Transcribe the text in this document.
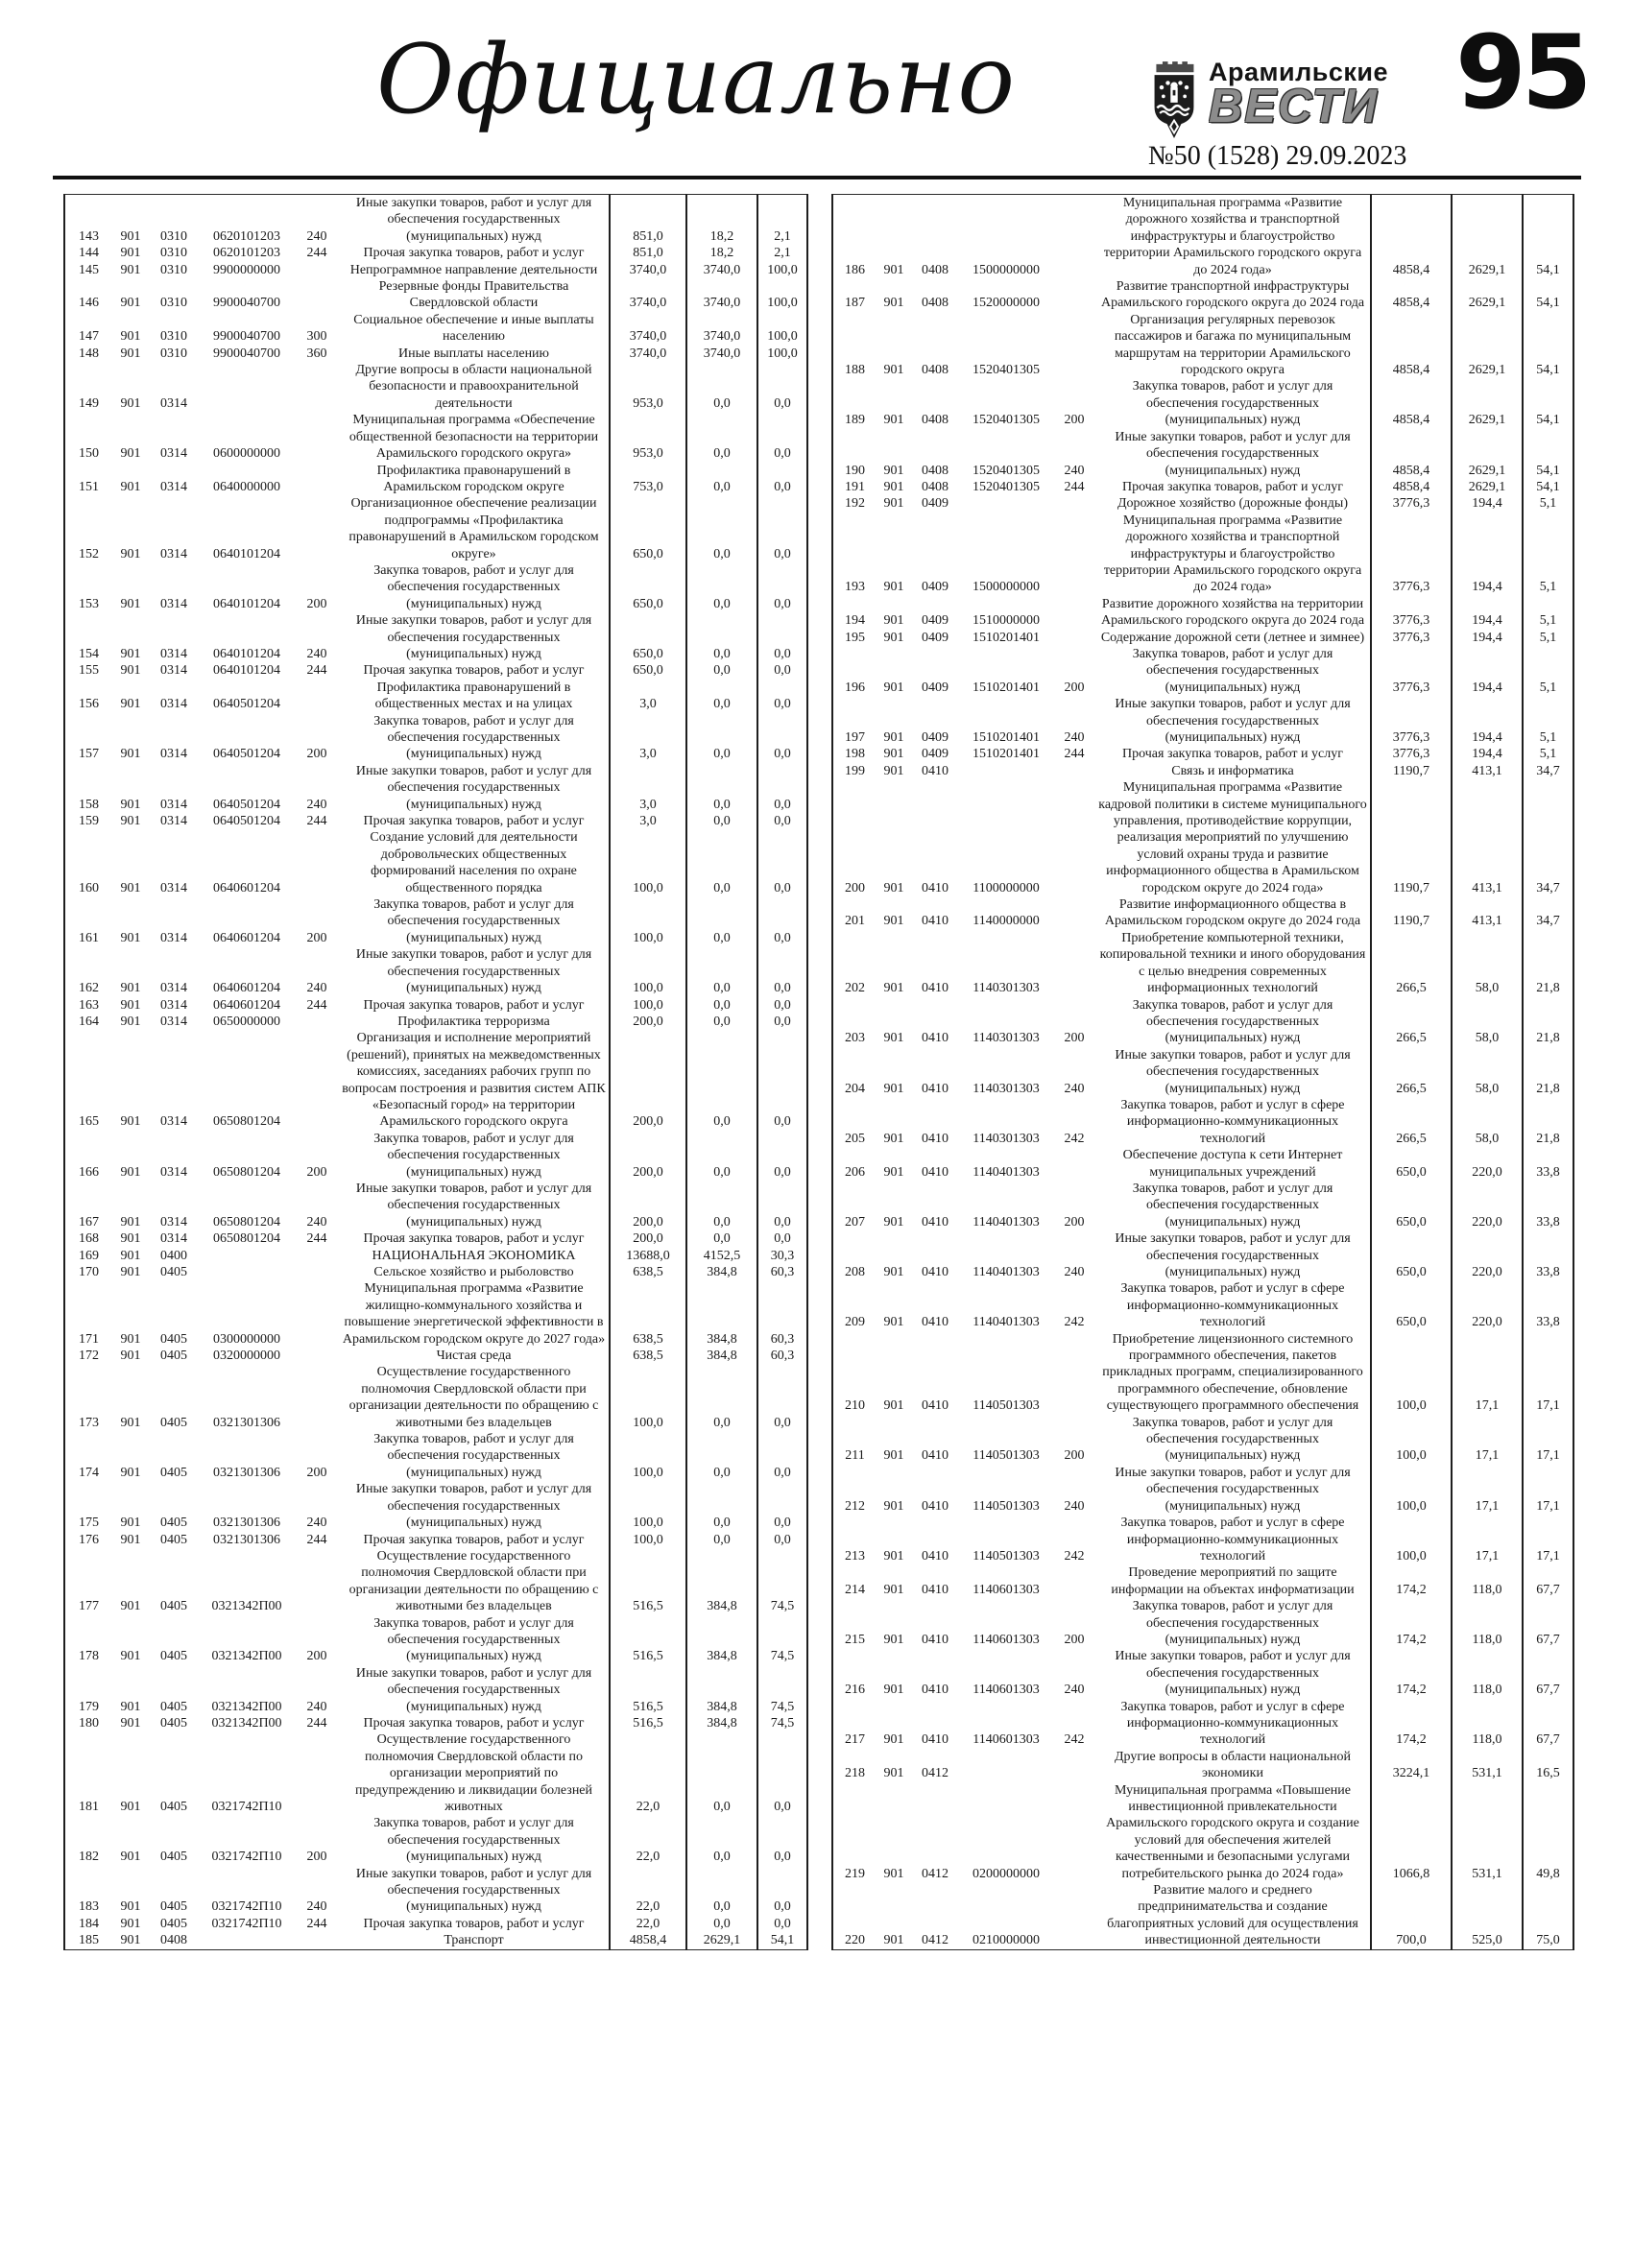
Официально	Арамильские
ВЕСТИ
№50 (1528) 29.09.2023
95
143	901	0310	0620101203	240	Иные закупки товаров, работ и услуг для обеспечения государственных (муниципальных) нужд	851,0	18,2	2,1
144	901	0310	0620101203	244	Прочая закупка товаров, работ и услуг	851,0	18,2	2,1
145	901	0310	9900000000		Непрограммное направление деятельности	3740,0	3740,0	100,0
146	901	0310	9900040700		Резервные фонды Правительства Свердловской области	3740,0	3740,0	100,0
147	901	0310	9900040700	300	Социальное обеспечение и иные выплаты населению	3740,0	3740,0	100,0
148	901	0310	9900040700	360	Иные выплаты населению	3740,0	3740,0	100,0
149	901	0314			Другие вопросы в области национальной безопасности и правоохранительной деятельности	953,0	0,0	0,0
150	901	0314	0600000000		Муниципальная программа «Обеспечение общественной безопасности на территории Арамильского городского округа»	953,0	0,0	0,0
151	901	0314	0640000000		Профилактика правонарушений в Арамильском городском округе	753,0	0,0	0,0
152	901	0314	0640101204		Организационное обеспечение реализации подпрограммы «Профилактика правонарушений в Арамильском городском округе»	650,0	0,0	0,0
153	901	0314	0640101204	200	Закупка товаров, работ и услуг для обеспечения государственных (муниципальных) нужд	650,0	0,0	0,0
154	901	0314	0640101204	240	Иные закупки товаров, работ и услуг для обеспечения государственных (муниципальных) нужд	650,0	0,0	0,0
155	901	0314	0640101204	244	Прочая закупка товаров, работ и услуг	650,0	0,0	0,0
156	901	0314	0640501204		Профилактика правонарушений в общественных местах и на улицах	3,0	0,0	0,0
157	901	0314	0640501204	200	Закупка товаров, работ и услуг для обеспечения государственных (муниципальных) нужд	3,0	0,0	0,0
158	901	0314	0640501204	240	Иные закупки товаров, работ и услуг для обеспечения государственных (муниципальных) нужд	3,0	0,0	0,0
159	901	0314	0640501204	244	Прочая закупка товаров, работ и услуг	3,0	0,0	0,0
160	901	0314	0640601204		Создание условий для деятельности добровольческих общественных формирований населения по охране общественного порядка	100,0	0,0	0,0
161	901	0314	0640601204	200	Закупка товаров, работ и услуг для обеспечения государственных (муниципальных) нужд	100,0	0,0	0,0
162	901	0314	0640601204	240	Иные закупки товаров, работ и услуг для обеспечения государственных (муниципальных) нужд	100,0	0,0	0,0
163	901	0314	0640601204	244	Прочая закупка товаров, работ и услуг	100,0	0,0	0,0
164	901	0314	0650000000		Профилактика терроризма	200,0	0,0	0,0
165	901	0314	0650801204		Организация и исполнение мероприятий (решений), принятых на межведомственных комиссиях, заседаниях рабочих групп по вопросам построения и развития систем АПК «Безопасный город» на территории Арамильского городского округа	200,0	0,0	0,0
166	901	0314	0650801204	200	Закупка товаров, работ и услуг для обеспечения государственных (муниципальных) нужд	200,0	0,0	0,0
167	901	0314	0650801204	240	Иные закупки товаров, работ и услуг для обеспечения государственных (муниципальных) нужд	200,0	0,0	0,0
168	901	0314	0650801204	244	Прочая закупка товаров, работ и услуг	200,0	0,0	0,0
169	901	0400			НАЦИОНАЛЬНАЯ ЭКОНОМИКА	13688,0	4152,5	30,3
170	901	0405			Сельское хозяйство и рыболовство	638,5	384,8	60,3
171	901	0405	0300000000		Муниципальная программа «Развитие жилищно-коммунального хозяйства и повышение энергетической эффективности в Арамильском городском округе до 2027 года»	638,5	384,8	60,3
172	901	0405	0320000000		Чистая среда	638,5	384,8	60,3
173	901	0405	0321301306		Осуществление государственного полномочия Свердловской области при организации деятельности по обращению с животными без владельцев	100,0	0,0	0,0
174	901	0405	0321301306	200	Закупка товаров, работ и услуг для обеспечения государственных (муниципальных) нужд	100,0	0,0	0,0
175	901	0405	0321301306	240	Иные закупки товаров, работ и услуг для обеспечения государственных (муниципальных) нужд	100,0	0,0	0,0
176	901	0405	0321301306	244	Прочая закупка товаров, работ и услуг	100,0	0,0	0,0
177	901	0405	0321342П00		Осуществление государственного полномочия Свердловской области при организации деятельности по обращению с животными без владельцев	516,5	384,8	74,5
178	901	0405	0321342П00	200	Закупка товаров, работ и услуг для обеспечения государственных (муниципальных) нужд	516,5	384,8	74,5
179	901	0405	0321342П00	240	Иные закупки товаров, работ и услуг для обеспечения государственных (муниципальных) нужд	516,5	384,8	74,5
180	901	0405	0321342П00	244	Прочая закупка товаров, работ и услуг	516,5	384,8	74,5
181	901	0405	0321742П10		Осуществление государственного полномочия Свердловской области по организации мероприятий по предупреждению и ликвидации болезней животных	22,0	0,0	0,0
182	901	0405	0321742П10	200	Закупка товаров, работ и услуг для обеспечения государственных (муниципальных) нужд	22,0	0,0	0,0
183	901	0405	0321742П10	240	Иные закупки товаров, работ и услуг для обеспечения государственных (муниципальных) нужд	22,0	0,0	0,0
184	901	0405	0321742П10	244	Прочая закупка товаров, работ и услуг	22,0	0,0	0,0
185	901	0408			Транспорт	4858,4	2629,1	54,1
186	901	0408	1500000000		Муниципальная программа «Развитие дорожного хозяйства и транспортной инфраструктуры и благоустройство территории Арамильского городского округа до 2024 года»	4858,4	2629,1	54,1
187	901	0408	1520000000		Развитие транспортной инфраструктуры Арамильского городского округа до 2024 года	4858,4	2629,1	54,1
188	901	0408	1520401305		Организация регулярных перевозок пассажиров и багажа по муниципальным маршрутам на территории Арамильского городского округа	4858,4	2629,1	54,1
189	901	0408	1520401305	200	Закупка товаров, работ и услуг для обеспечения государственных (муниципальных) нужд	4858,4	2629,1	54,1
190	901	0408	1520401305	240	Иные закупки товаров, работ и услуг для обеспечения государственных (муниципальных) нужд	4858,4	2629,1	54,1
191	901	0408	1520401305	244	Прочая закупка товаров, работ и услуг	4858,4	2629,1	54,1
192	901	0409			Дорожное хозяйство (дорожные фонды)	3776,3	194,4	5,1
193	901	0409	1500000000		Муниципальная программа «Развитие дорожного хозяйства и транспортной инфраструктуры и благоустройство территории Арамильского городского округа до 2024 года»	3776,3	194,4	5,1
194	901	0409	1510000000		Развитие дорожного хозяйства на территории Арамильского городского округа до 2024 года	3776,3	194,4	5,1
195	901	0409	1510201401		Содержание дорожной сети (летнее и зимнее)	3776,3	194,4	5,1
196	901	0409	1510201401	200	Закупка товаров, работ и услуг для обеспечения государственных (муниципальных) нужд	3776,3	194,4	5,1
197	901	0409	1510201401	240	Иные закупки товаров, работ и услуг для обеспечения государственных (муниципальных) нужд	3776,3	194,4	5,1
198	901	0409	1510201401	244	Прочая закупка товаров, работ и услуг	3776,3	194,4	5,1
199	901	0410			Связь и информатика	1190,7	413,1	34,7
200	901	0410	1100000000		Муниципальная программа «Развитие кадровой политики в системе муниципального управления, противодействие коррупции, реализация мероприятий по улучшению условий охраны труда и развитие информационного общества в Арамильском городском округе до 2024 года»	1190,7	413,1	34,7
201	901	0410	1140000000		Развитие информационного общества в Арамильском городском округе до 2024 года	1190,7	413,1	34,7
202	901	0410	1140301303		Приобретение компьютерной техники, копировальной техники и иного оборудования с целью внедрения современных информационных технологий	266,5	58,0	21,8
203	901	0410	1140301303	200	Закупка товаров, работ и услуг для обеспечения государственных (муниципальных) нужд	266,5	58,0	21,8
204	901	0410	1140301303	240	Иные закупки товаров, работ и услуг для обеспечения государственных (муниципальных) нужд	266,5	58,0	21,8
205	901	0410	1140301303	242	Закупка товаров, работ и услуг в сфере информационно-коммуникационных технологий	266,5	58,0	21,8
206	901	0410	1140401303		Обеспечение доступа к сети Интернет муниципальных учреждений	650,0	220,0	33,8
207	901	0410	1140401303	200	Закупка товаров, работ и услуг для обеспечения государственных (муниципальных) нужд	650,0	220,0	33,8
208	901	0410	1140401303	240	Иные закупки товаров, работ и услуг для обеспечения государственных (муниципальных) нужд	650,0	220,0	33,8
209	901	0410	1140401303	242	Закупка товаров, работ и услуг в сфере информационно-коммуникационных технологий	650,0	220,0	33,8
210	901	0410	1140501303		Приобретение лицензионного системного программного обеспечения, пакетов прикладных программ, специализированного программного обеспечение, обновление существующего программного обеспечения	100,0	17,1	17,1
211	901	0410	1140501303	200	Закупка товаров, работ и услуг для обеспечения государственных (муниципальных) нужд	100,0	17,1	17,1
212	901	0410	1140501303	240	Иные закупки товаров, работ и услуг для обеспечения государственных (муниципальных) нужд	100,0	17,1	17,1
213	901	0410	1140501303	242	Закупка товаров, работ и услуг в сфере информационно-коммуникационных технологий	100,0	17,1	17,1
214	901	0410	1140601303		Проведение мероприятий по защите информации на объектах информатизации	174,2	118,0	67,7
215	901	0410	1140601303	200	Закупка товаров, работ и услуг для обеспечения государственных (муниципальных) нужд	174,2	118,0	67,7
216	901	0410	1140601303	240	Иные закупки товаров, работ и услуг для обеспечения государственных (муниципальных) нужд	174,2	118,0	67,7
217	901	0410	1140601303	242	Закупка товаров, работ и услуг в сфере информационно-коммуникационных технологий	174,2	118,0	67,7
218	901	0412			Другие вопросы в области национальной экономики	3224,1	531,1	16,5
219	901	0412	0200000000		Муниципальная программа «Повышение инвестиционной привлекательности Арамильского городского округа и создание условий для обеспечения жителей качественными и безопасными услугами потребительского рынка до 2024 года»	1066,8	531,1	49,8
220	901	0412	0210000000		Развитие малого и среднего предпринимательства и создание благоприятных условий для осуществления инвестиционной деятельности	700,0	525,0	75,0
